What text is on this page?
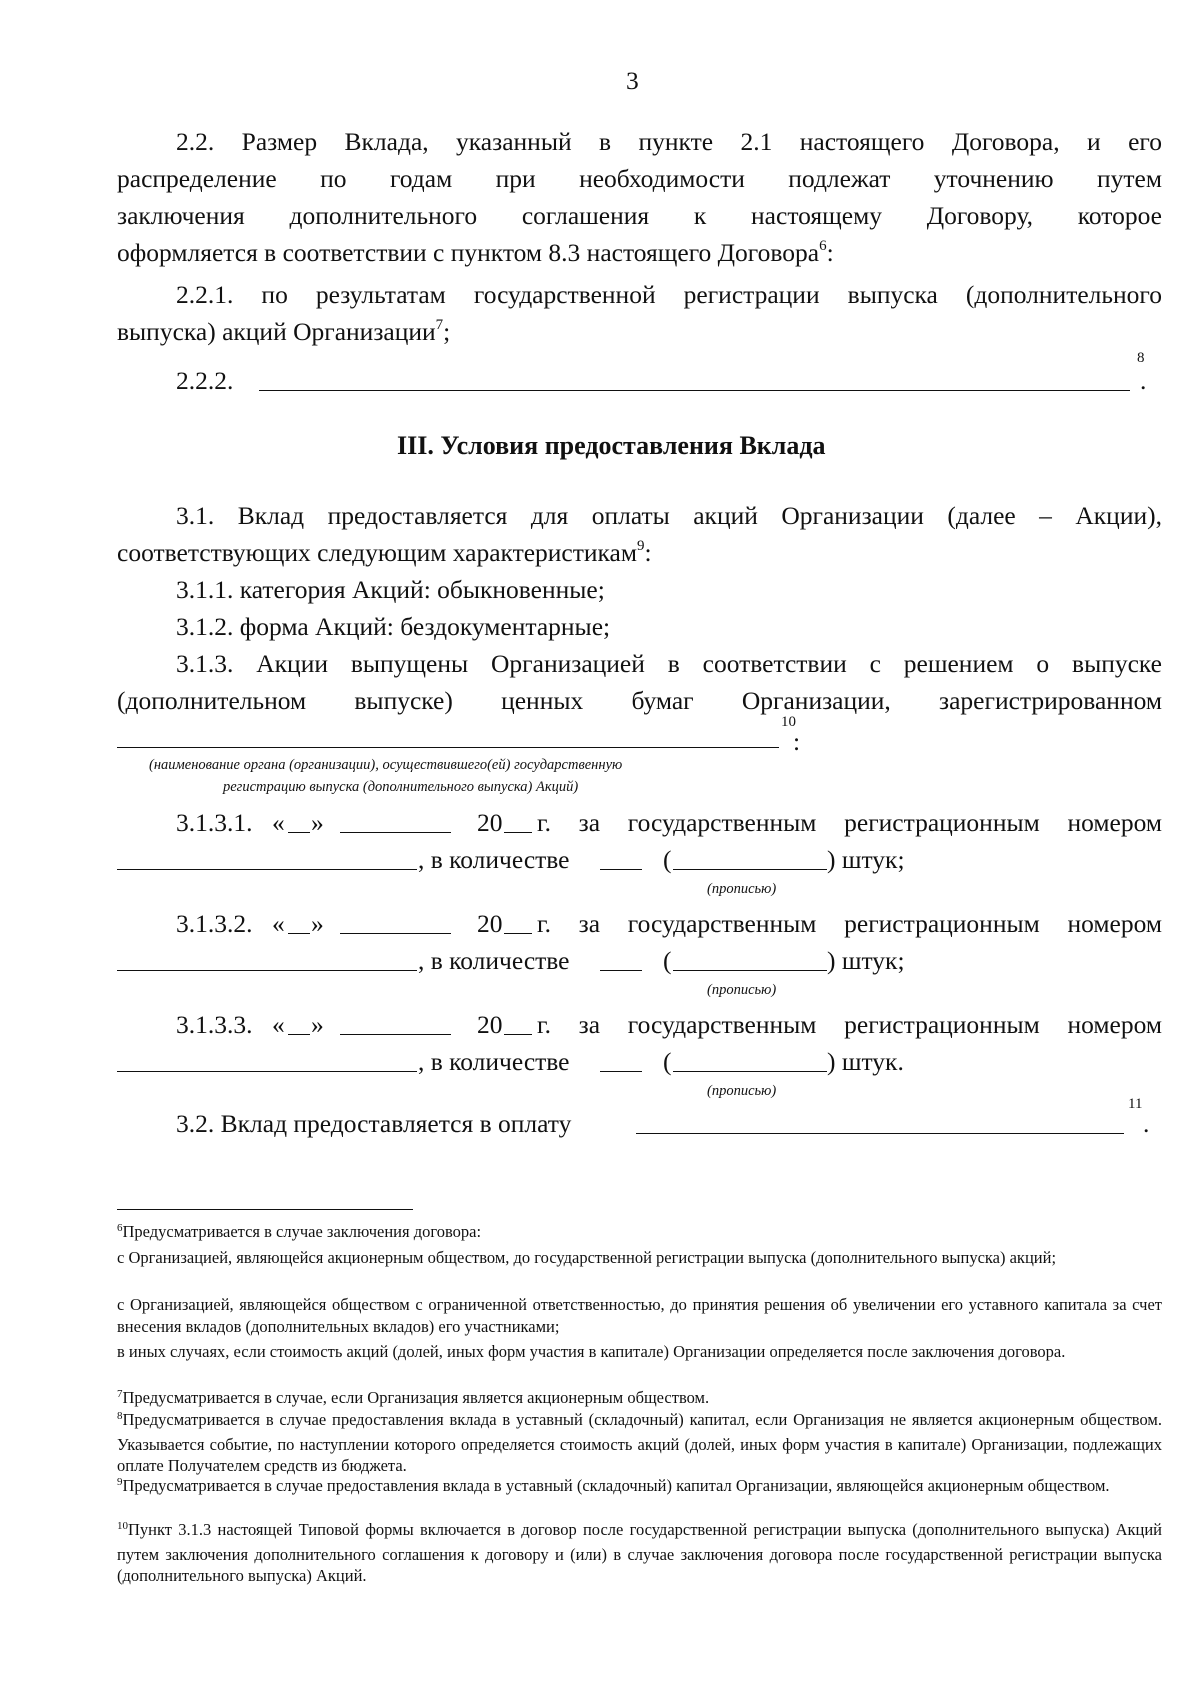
3
2.2. Размер Вклада, указанный в пункте 2.1 настоящего Договора, и его
распределение по годам при необходимости подлежат уточнению путем
заключения дополнительного соглашения к настоящему Договору, которое
оформляется в соответствии с пунктом 8.3 настоящего Договора$^6$:
2.2.1. по результатам государственной регистрации выпуска (дополнительного
выпуска) акций Организации$^7$;
2.2.2.
8
.
III. Условия предоставления Вклада
3.1. Вклад предоставляется для оплаты акций Организации (далее – Акции),
соответствующих следующим характеристикам$^9$:
3.1.1. категория Акций: обыкновенные;
3.1.2. форма Акций: бездокументарные;
3.1.3. Акции выпущены Организацией в соответствии с решением о выпуске
(дополнительном выпуске) ценных бумаг Организации, зарегистрированном
10
:
(наименование органа (организации), осуществившего(ей) государственную
регистрацию выпуска (дополнительного выпуска) Акций)
3.1.3.1. « »	20 г. за государственным регистрационным номером
, в количестве	(	) штук;
(прописью)
3.1.3.2. « »	20 г. за государственным регистрационным номером
, в количестве	(	) штук;
(прописью)
3.1.3.3. « »	20 г. за государственным регистрационным номером
, в количестве	(	) штук.
(прописью)
3.2. Вклад предоставляется в оплату
11
.
$^6$Предусматривается в случае заключения договора:
с Организацией, являющейся акционерным обществом, до государственной регистрации выпуска (дополнительного выпуска) акций;
с Организацией, являющейся обществом с ограниченной ответственностью, до принятия решения об увеличении его уставного капитала за счет внесения вкладов (дополнительных вкладов) его участниками;
в иных случаях, если стоимость акций (долей, иных форм участия в капитале) Организации определяется после заключения договора.
$^7$Предусматривается в случае, если Организация является акционерным обществом.
$^8$Предусматривается в случае предоставления вклада в уставный (складочный) капитал, если Организация не является акционерным обществом. Указывается событие, по наступлении которого определяется стоимость акций (долей, иных форм участия в капитале) Организации, подлежащих оплате Получателем средств из бюджета.
$^9$Предусматривается в случае предоставления вклада в уставный (складочный) капитал Организации, являющейся акционерным обществом.
$^{10}$Пункт 3.1.3 настоящей Типовой формы включается в договор после государственной регистрации выпуска (дополнительного выпуска) Акций путем заключения дополнительного соглашения к договору и (или) в случае заключения договора после государственной регистрации выпуска (дополнительного выпуска) Акций.
